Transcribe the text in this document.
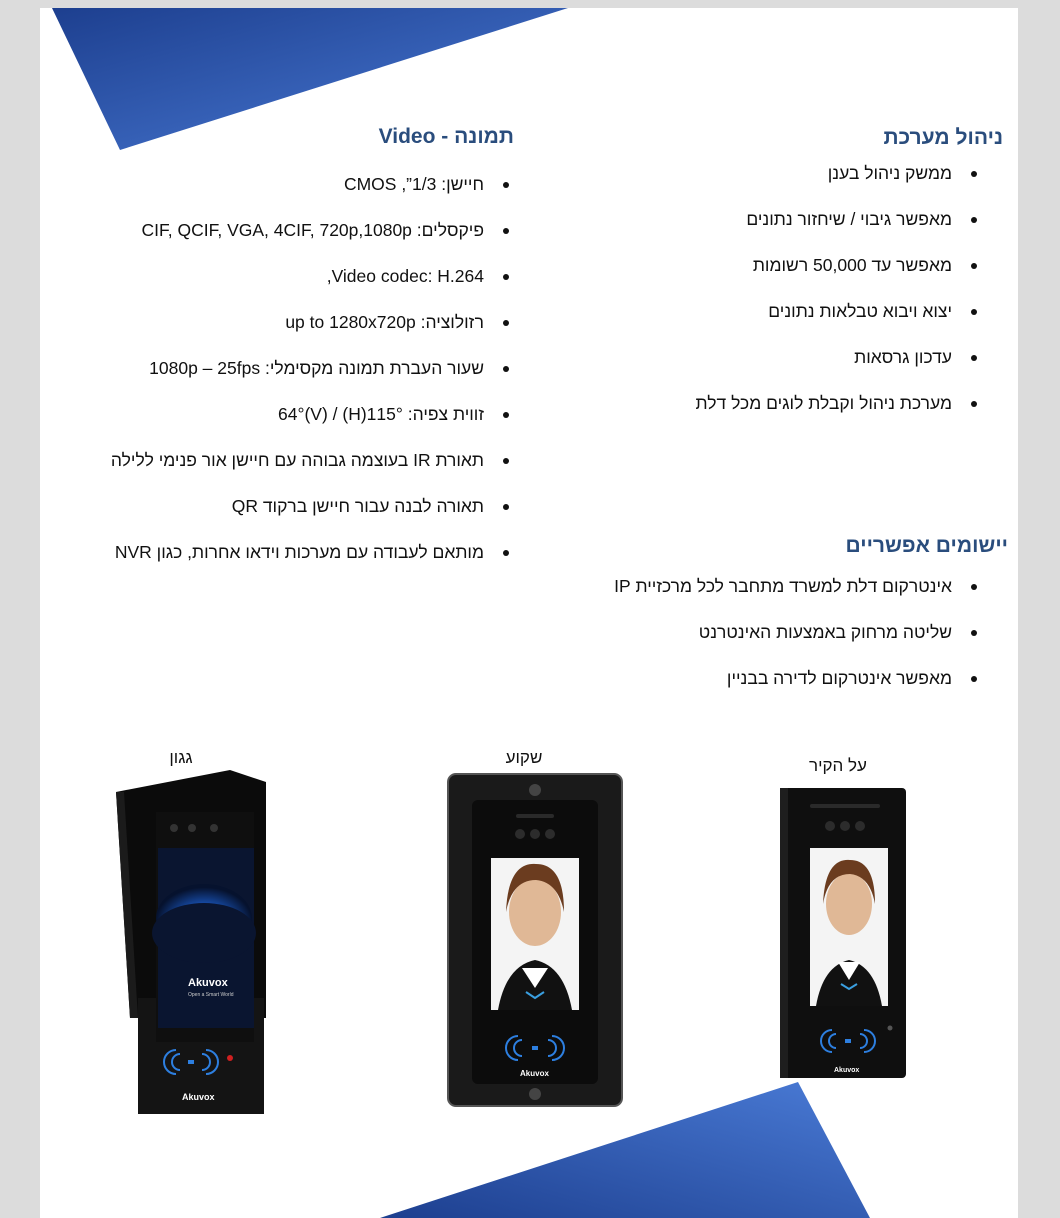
ניהול מערכת
ממשק ניהול בענן
מאפשר גיבוי / שיחזור נתונים
מאפשר עד 50,000 רשומות
יצוא ויבוא טבלאות נתונים
עדכון גרסאות
מערכת ניהול וקבלת לוגים מכל דלת
יישומים אפשריים
אינטרקום דלת למשרד מתחבר לכל מרכזיית IP
שליטה מרחוק באמצעות האינטרנט
מאפשר אינטרקום לדירה בבניין
תמונה - Video
חיישן: 1/3”, CMOS
פיקסלים: CIF, QCIF, VGA, 4CIF, 720p,1080p
Video codec: H.264,
רזולוציה: up to 1280x720p
שעור העברת תמונה מקסימלי: 1080p – 25fps
זווית צפיה: 115°(H) / 64°(V)
תאורת IR בעוצמה גבוהה עם חיישן אור פנימי ללילה
תאורה לבנה עבור חיישן ברקוד QR
מותאם לעבודה עם מערכות וידאו אחרות, כגון NVR
על הקיר
שקוע
גגון
Akuvox
Open a Smart World
Akuvox
Akuvox	Akuvox
